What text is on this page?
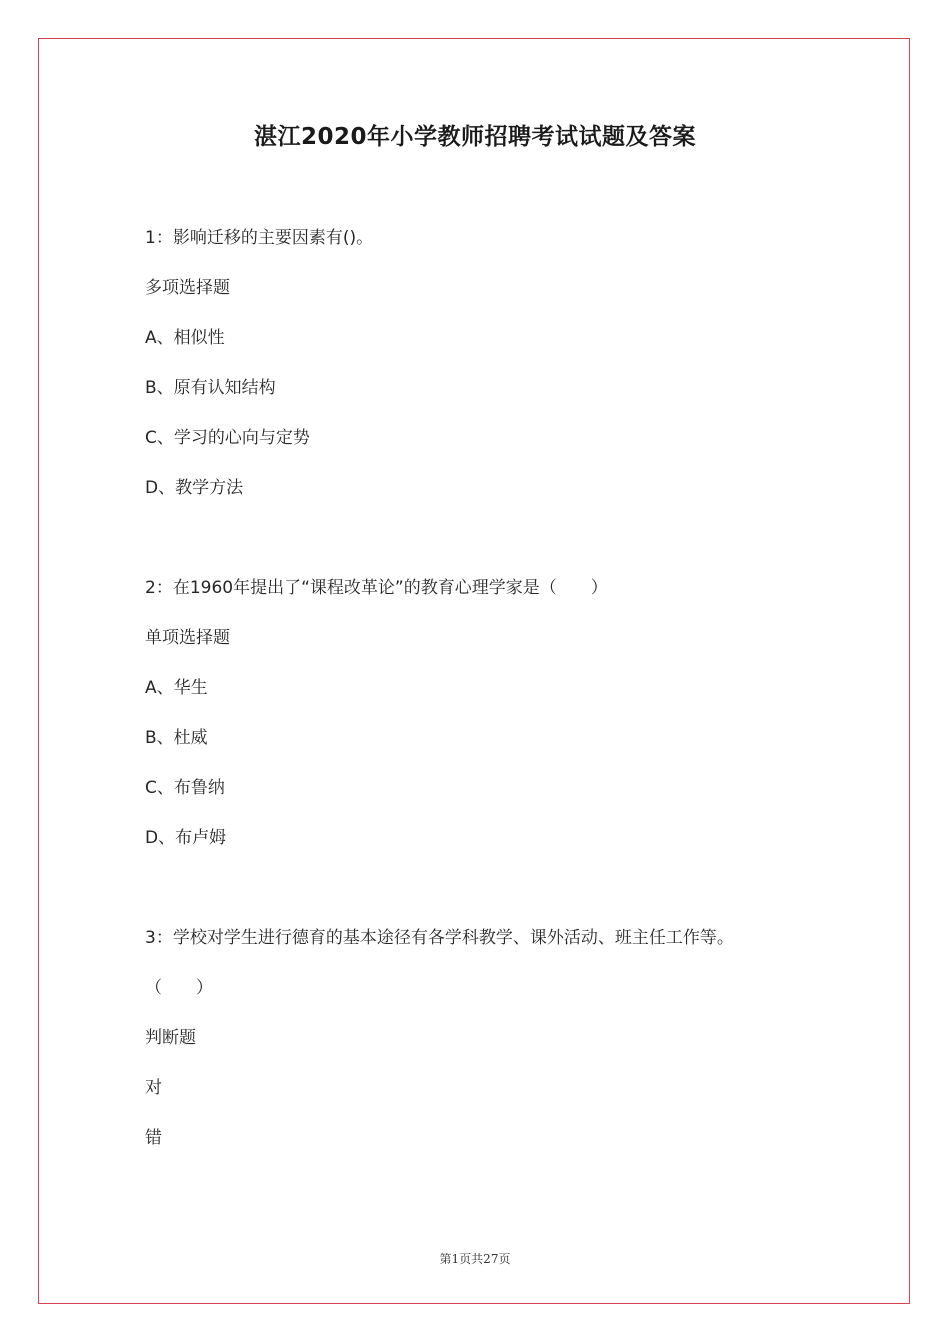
湛江2020年小学教师招聘考试试题及答案
1：影响迁移的主要因素有()。
多项选择题
A、相似性
B、原有认知结构
C、学习的心向与定势
D、教学方法
2：在1960年提出了“课程改革论”的教育心理学家是（　　）
单项选择题
A、华生
B、杜威
C、布鲁纳
D、布卢姆
3：学校对学生进行德育的基本途径有各学科教学、课外活动、班主任工作等。
（　　）
判断题
对
错
第1页共27页
